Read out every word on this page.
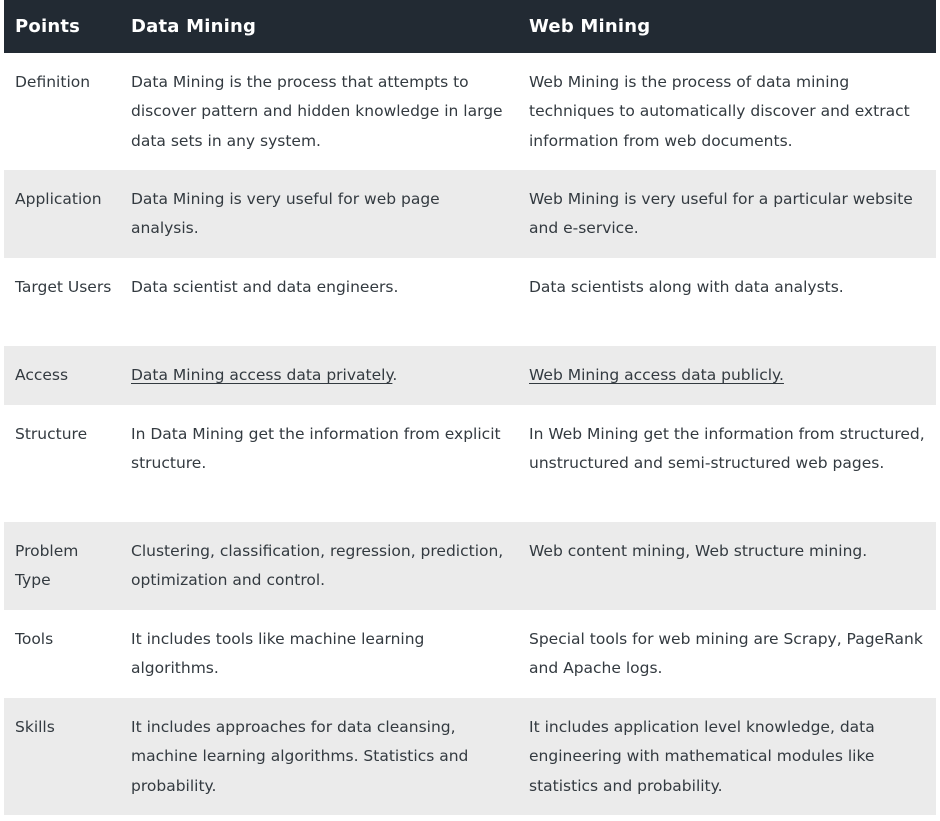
Points	Data Mining	Web Mining
Definition	Data Mining is the process that attempts to discover pattern and hidden knowledge in large data sets in any system.	Web Mining is the process of data mining techniques to automatically discover and extract information from web documents.
Application	Data Mining is very useful for web page analysis.	Web Mining is very useful for a particular website and e-service.
Target Users	Data scientist and data engineers.	Data scientists along with data analysts.
Access	Data Mining access data privately.	Web Mining access data publicly.
Structure	In Data Mining get the information from explicit structure.	In Web Mining get the information from structured, unstructured and semi-structured web pages.
Problem Type	Clustering, classification, regression, prediction, optimization and control.	Web content mining, Web structure mining.
Tools	It includes tools like machine learning algorithms.	Special tools for web mining are Scrapy, PageRank and Apache logs.
Skills	It includes approaches for data cleansing, machine learning algorithms. Statistics and probability.	It includes application level knowledge, data engineering with mathematical modules like statistics and probability.
